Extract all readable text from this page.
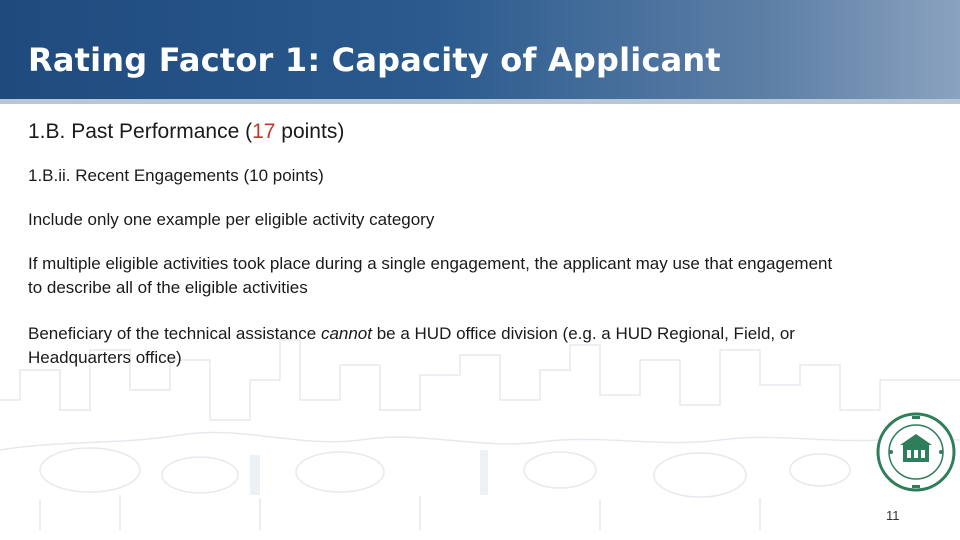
Rating Factor 1: Capacity of Applicant

1.B. Past Performance (17 points)

1.B.ii. Recent Engagements (10 points)

Include only one example per eligible activity category

If multiple eligible activities took place during a single engagement, the applicant may use that engagement to describe all of the eligible activities

Beneficiary of the technical assistance cannot be a HUD office division (e.g. a HUD Regional, Field, or Headquarters office)

11
